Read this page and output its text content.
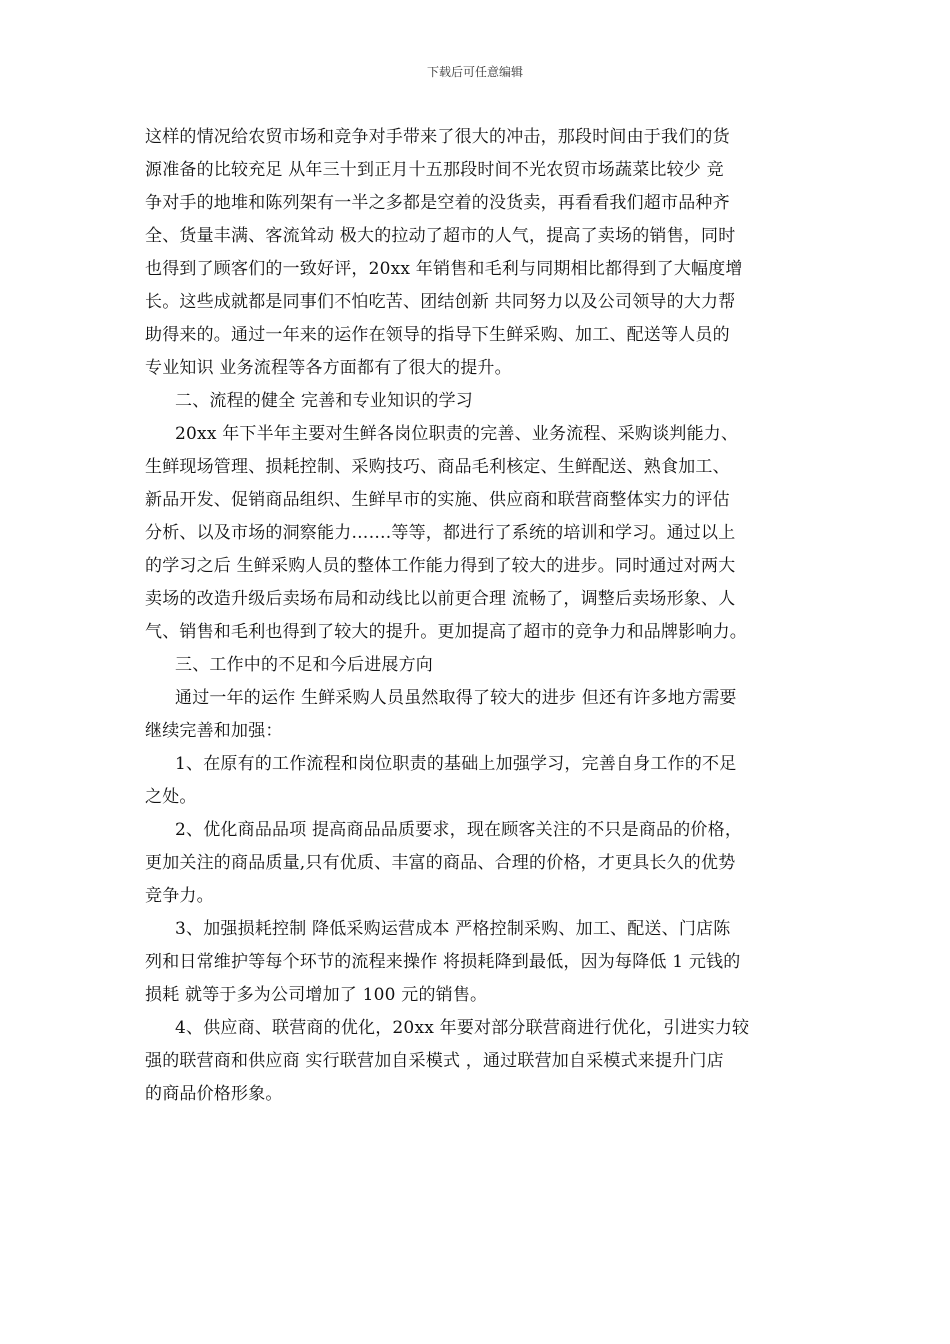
下载后可任意编辑

这样的情况给农贸市场和竞争对手带来了很大的冲击，那段时间由于我们的货
源准备的比较充足 从年三十到正月十五那段时间不光农贸市场蔬菜比较少 竞
争对手的地堆和陈列架有一半之多都是空着的没货卖，再看看我们超市品种齐
全、货量丰满、客流耸动 极大的拉动了超市的人气，提高了卖场的销售，同时
也得到了顾客们的一致好评，20xx 年销售和毛利与同期相比都得到了大幅度增
长。这些成就都是同事们不怕吃苦、团结创新 共同努力以及公司领导的大力帮
助得来的。通过一年来的运作在领导的指导下生鲜采购、加工、配送等人员的
专业知识 业务流程等各方面都有了很大的提升。

二、流程的健全 完善和专业知识的学习

20xx 年下半年主要对生鲜各岗位职责的完善、业务流程、采购谈判能力、
生鲜现场管理、损耗控制、采购技巧、商品毛利核定、生鲜配送、熟食加工、
新品开发、促销商品组织、生鲜早市的实施、供应商和联营商整体实力的评估
分析、以及市场的洞察能力…….等等，都进行了系统的培训和学习。通过以上
的学习之后 生鲜采购人员的整体工作能力得到了较大的进步。同时通过对两大
卖场的改造升级后卖场布局和动线比以前更合理 流畅了，调整后卖场形象、人
气、销售和毛利也得到了较大的提升。更加提高了超市的竞争力和品牌影响力。

三、工作中的不足和今后进展方向

通过一年的运作 生鲜采购人员虽然取得了较大的进步 但还有许多地方需要
继续完善和加强：

1、在原有的工作流程和岗位职责的基础上加强学习，完善自身工作的不足
之处。

2、优化商品品项 提高商品品质要求，现在顾客关注的不只是商品的价格，
更加关注的商品质量,只有优质、丰富的商品、合理的价格，才更具长久的优势
竞争力。

3、加强损耗控制 降低采购运营成本 严格控制采购、加工、配送、门店陈
列和日常维护等每个环节的流程来操作 将损耗降到最低，因为每降低 1 元钱的
损耗 就等于多为公司增加了 100 元的销售。

4、供应商、联营商的优化，20xx 年要对部分联营商进行优化，引进实力较
强的联营商和供应商 实行联营加自采模式 ，通过联营加自采模式来提升门店
的商品价格形象。
